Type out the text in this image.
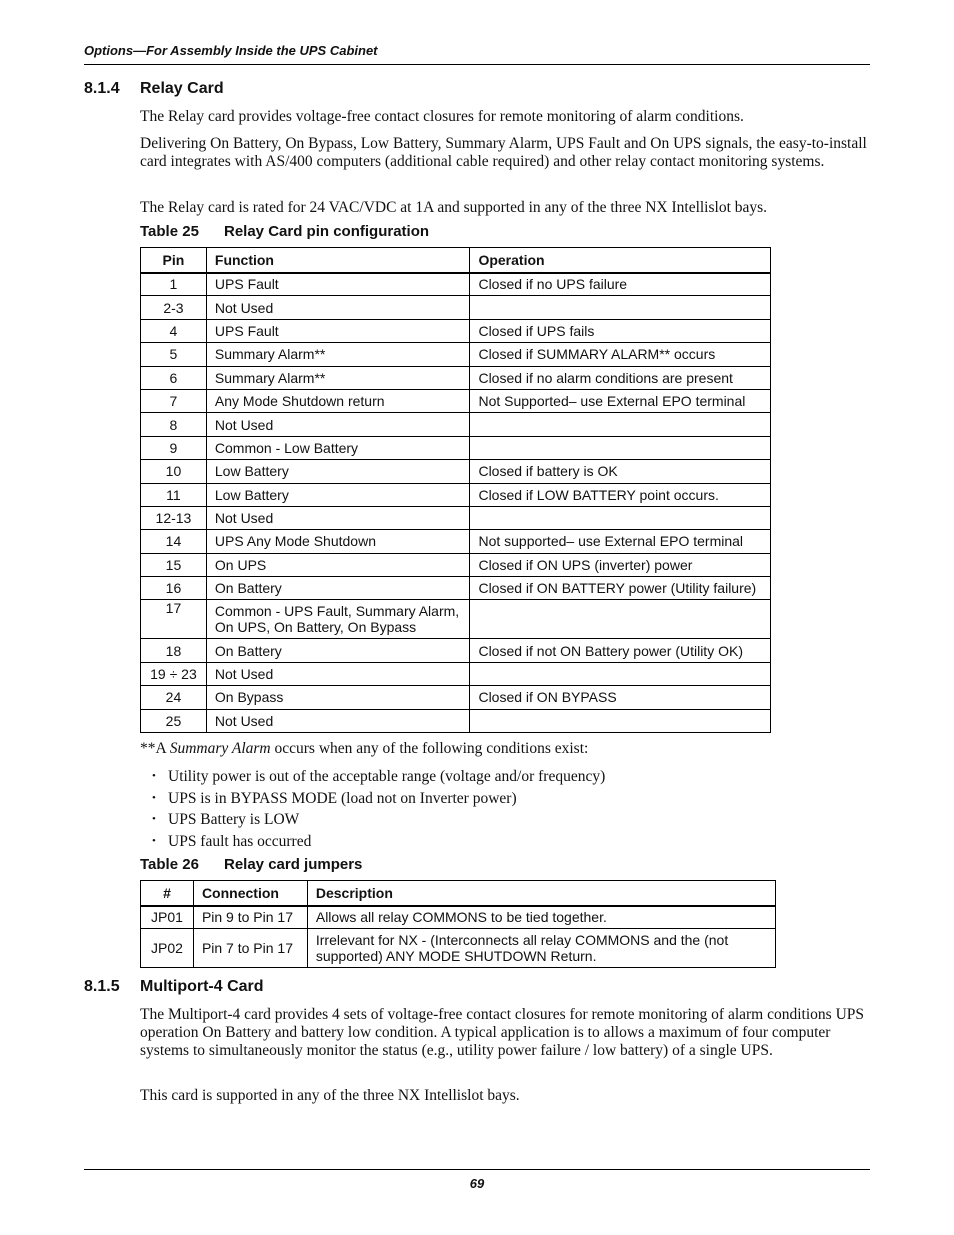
Options—For Assembly Inside the UPS Cabinet
8.1.4 Relay Card
The Relay card provides voltage-free contact closures for remote monitoring of alarm conditions.
Delivering On Battery, On Bypass, Low Battery, Summary Alarm, UPS Fault and On UPS signals, the easy-to-install card integrates with AS/400 computers (additional cable required) and other relay contact monitoring systems.
The Relay card is rated for 24 VAC/VDC at 1A and supported in any of the three NX Intellislot bays.
Table 25 Relay Card pin configuration
Pin	Function	Operation
1	UPS Fault	Closed if no UPS failure
2-3	Not Used	
4	UPS Fault	Closed if UPS fails
5	Summary Alarm**	Closed if SUMMARY ALARM** occurs
6	Summary Alarm**	Closed if no alarm conditions are present
7	Any Mode Shutdown return	Not Supported– use External EPO terminal
8	Not Used	
9	Common - Low Battery	
10	Low Battery	Closed if battery is OK
11	Low Battery	Closed if LOW BATTERY point occurs.
12-13	Not Used	
14	UPS Any Mode Shutdown	Not supported– use External EPO terminal
15	On UPS	Closed if ON UPS (inverter) power
16	On Battery	Closed if ON BATTERY power (Utility failure)
17	Common - UPS Fault, Summary Alarm, On UPS, On Battery, On Bypass	
18	On Battery	Closed if not ON Battery power (Utility OK)
19 ÷ 23	Not Used	
24	On Bypass	Closed if ON BYPASS
25	Not Used	
**A Summary Alarm occurs when any of the following conditions exist:
• Utility power is out of the acceptable range (voltage and/or frequency)
• UPS is in BYPASS MODE (load not on Inverter power)
• UPS Battery is LOW
• UPS fault has occurred
Table 26 Relay card jumpers
#	Connection	Description
JP01	Pin 9 to Pin 17	Allows all relay COMMONS to be tied together.
JP02	Pin 7 to Pin 17	Irrelevant for NX - (Interconnects all relay COMMONS and the (not supported) ANY MODE SHUTDOWN Return.
8.1.5 Multiport-4 Card
The Multiport-4 card provides 4 sets of voltage-free contact closures for remote monitoring of alarm conditions UPS operation On Battery and battery low condition. A typical application is to allows a maximum of four computer systems to simultaneously monitor the status (e.g., utility power failure / low battery) of a single UPS.
This card is supported in any of the three NX Intellislot bays.
69
